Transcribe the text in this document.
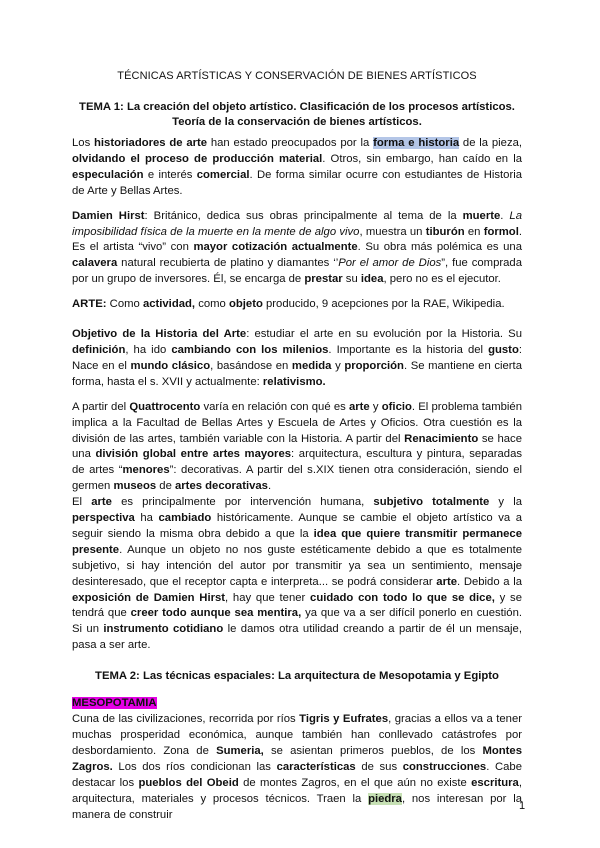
TÉCNICAS ARTÍSTICAS Y CONSERVACIÓN DE BIENES ARTÍSTICOS
TEMA 1: La creación del objeto artístico. Clasificación de los procesos artísticos.
Teoría de la conservación de bienes artísticos.

Los historiadores de arte han estado preocupados por la forma e historia de la pieza, olvidando el proceso de producción material. Otros, sin embargo, han caído en la especulación e interés comercial. De forma similar ocurre con estudiantes de Historia de Arte y Bellas Artes.

Damien Hirst: Británico, dedica sus obras principalmente al tema de la muerte. La imposibilidad física de la muerte en la mente de algo vivo, muestra un tiburón en formol. Es el artista “vivo” con mayor cotización actualmente. Su obra más polémica es una calavera natural recubierta de platino y diamantes ‘’Por el amor de Dios”, fue comprada por un grupo de inversores. Él, se encarga de prestar su idea, pero no es el ejecutor.

ARTE: Como actividad, como objeto producido, 9 acepciones por la RAE, Wikipedia.

Objetivo de la Historia del Arte: estudiar el arte en su evolución por la Historia. Su definición, ha ido cambiando con los milenios. Importante es la historia del gusto: Nace en el mundo clásico, basándose en medida y proporción. Se mantiene en cierta forma, hasta el s. XVII y actualmente: relativismo.

A partir del Quattrocento varía en relación con qué es arte y oficio. El problema también implica a la Facultad de Bellas Artes y Escuela de Artes y Oficios. Otra cuestión es la división de las artes, también variable con la Historia. A partir del Renacimiento se hace una división global entre artes mayores: arquitectura, escultura y pintura, separadas de artes “menores”: decorativas. A partir del s.XIX tienen otra consideración, siendo el germen museos de artes decorativas.

El arte es principalmente por intervención humana, subjetivo totalmente y la perspectiva ha cambiado históricamente. Aunque se cambie el objeto artístico va a seguir siendo la misma obra debido a que la idea que quiere transmitir permanece presente. Aunque un objeto no nos guste estéticamente debido a que es totalmente subjetivo, si hay intención del autor por transmitir ya sea un sentimiento, mensaje desinteresado, que el receptor capta e interpreta... se podrá considerar arte. Debido a la exposición de Damien Hirst, hay que tener cuidado con todo lo que se dice, y se tendrá que creer todo aunque sea mentira, ya que va a ser difícil ponerlo en cuestión. Si un instrumento cotidiano le damos otra utilidad creando a partir de él un mensaje, pasa a ser arte.

TEMA 2: Las técnicas espaciales: La arquitectura de Mesopotamia y Egipto
MESOPOTAMIA

Cuna de las civilizaciones, recorrida por ríos Tigris y Eufrates, gracias a ellos va a tener muchas prosperidad económica, aunque también han conllevado catástrofes por desbordamiento. Zona de Sumeria, se asientan primeros pueblos, de los Montes Zagros. Los dos ríos condicionan las características de sus construcciones. Cabe destacar los pueblos del Obeid de montes Zagros, en el que aún no existe escritura, arquitectura, materiales y procesos técnicos. Traen la piedra, nos interesan por la manera de construir

1
